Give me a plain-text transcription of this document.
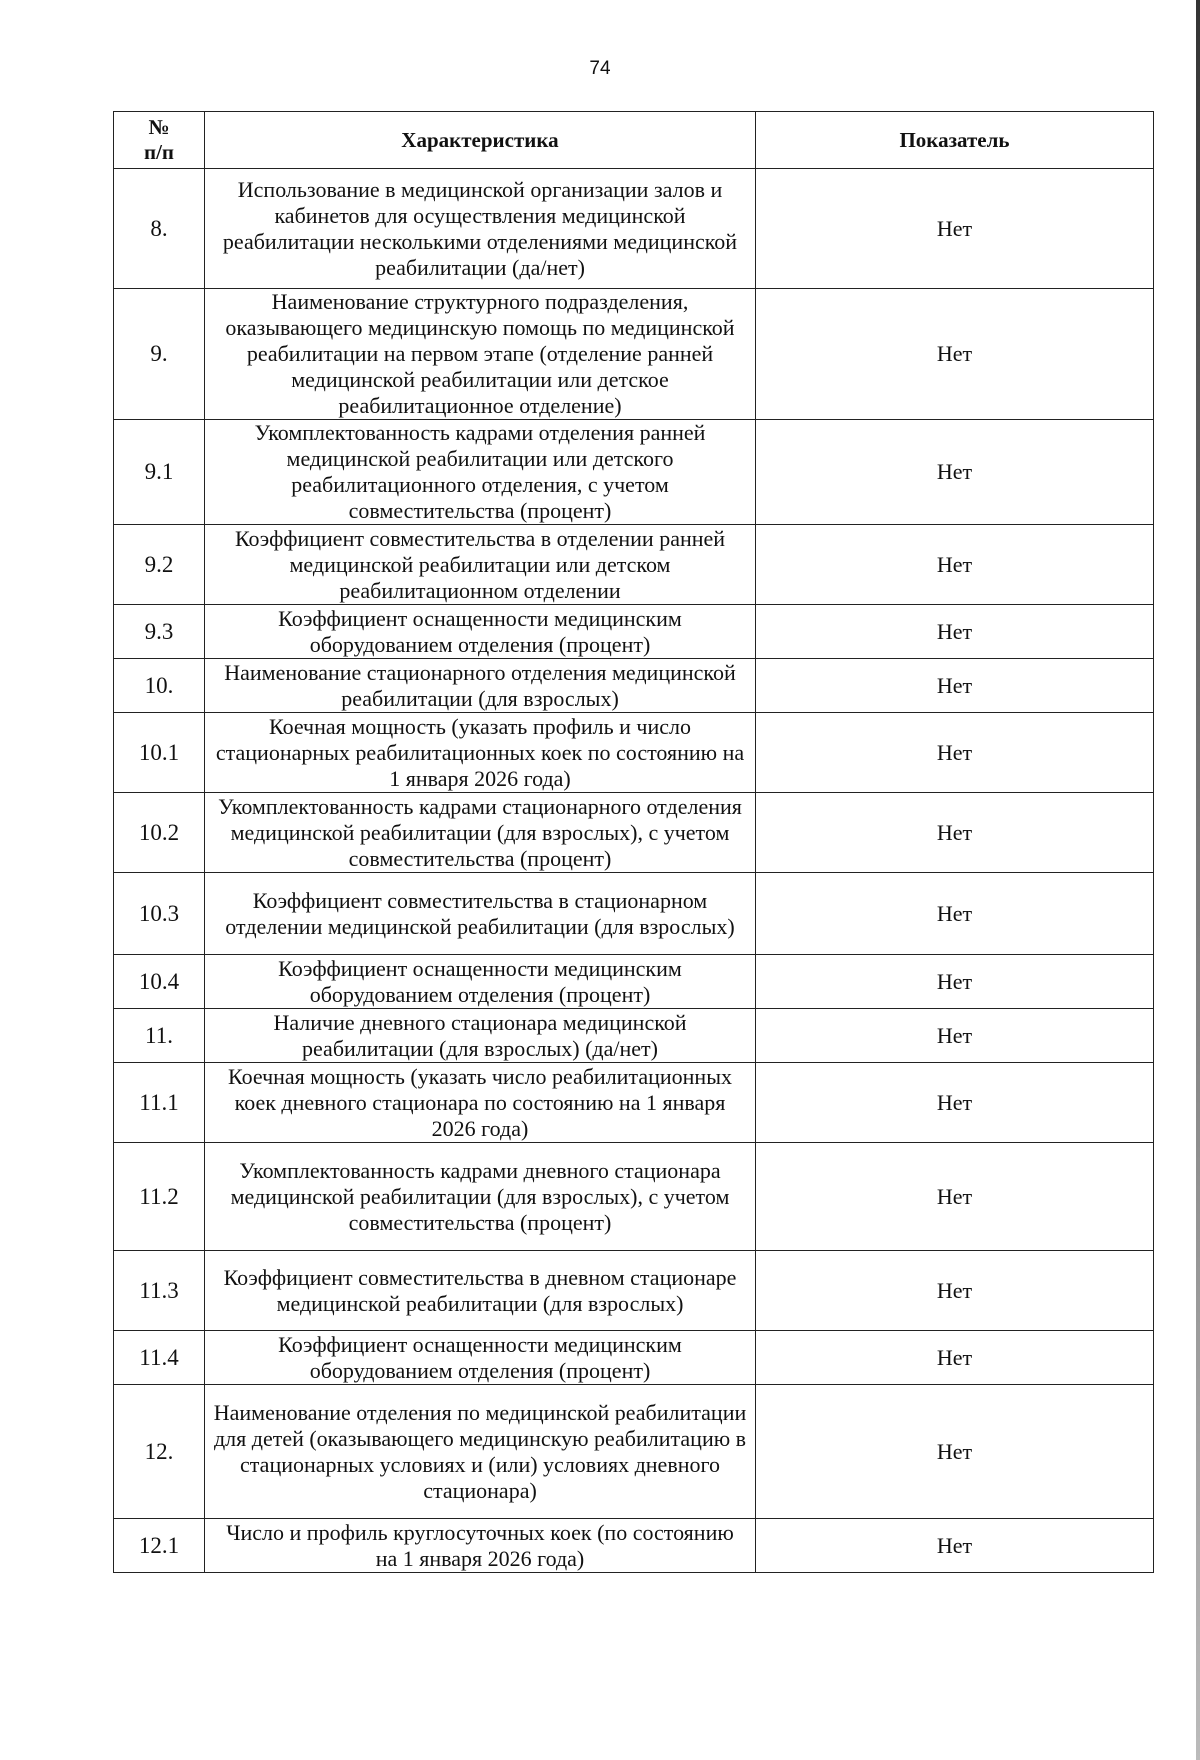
74
№
п/п	Характеристика	Показатель
8.	Использование в медицинской организации залов и кабинетов для осуществления медицинской реабилитации несколькими отделениями медицинской реабилитации (да/нет)	Нет
9.	Наименование структурного подразделения, оказывающего медицинскую помощь по медицинской реабилитации на первом этапе (отделение ранней медицинской реабилитации или детское реабилитационное отделение)	Нет
9.1	Укомплектованность кадрами отделения ранней медицинской реабилитации или детского реабилитационного отделения, с учетом совместительства (процент)	Нет
9.2	Коэффициент совместительства в отделении ранней медицинской реабилитации или детском реабилитационном отделении	Нет
9.3	Коэффициент оснащенности медицинским оборудованием отделения (процент)	Нет
10.	Наименование стационарного отделения медицинской реабилитации (для взрослых)	Нет
10.1	Коечная мощность (указать профиль и число стационарных реабилитационных коек по состоянию на 1 января 2026 года)	Нет
10.2	Укомплектованность кадрами стационарного отделения медицинской реабилитации (для взрослых), с учетом совместительства (процент)	Нет
10.3	Коэффициент совместительства в стационарном отделении медицинской реабилитации (для взрослых)	Нет
10.4	Коэффициент оснащенности медицинским оборудованием отделения (процент)	Нет
11.	Наличие дневного стационара медицинской реабилитации (для взрослых) (да/нет)	Нет
11.1	Коечная мощность (указать число реабилитационных коек дневного стационара по состоянию на 1 января 2026 года)	Нет
11.2	Укомплектованность кадрами дневного стационара медицинской реабилитации (для взрослых), с учетом совместительства (процент)	Нет
11.3	Коэффициент совместительства в дневном стационаре медицинской реабилитации (для взрослых)	Нет
11.4	Коэффициент оснащенности медицинским оборудованием отделения (процент)	Нет
12.	Наименование отделения по медицинской реабилитации для детей (оказывающего медицинскую реабилитацию в стационарных условиях и (или) условиях дневного стационара)	Нет
12.1	Число и профиль круглосуточных коек (по состоянию на 1 января 2026 года)	Нет
